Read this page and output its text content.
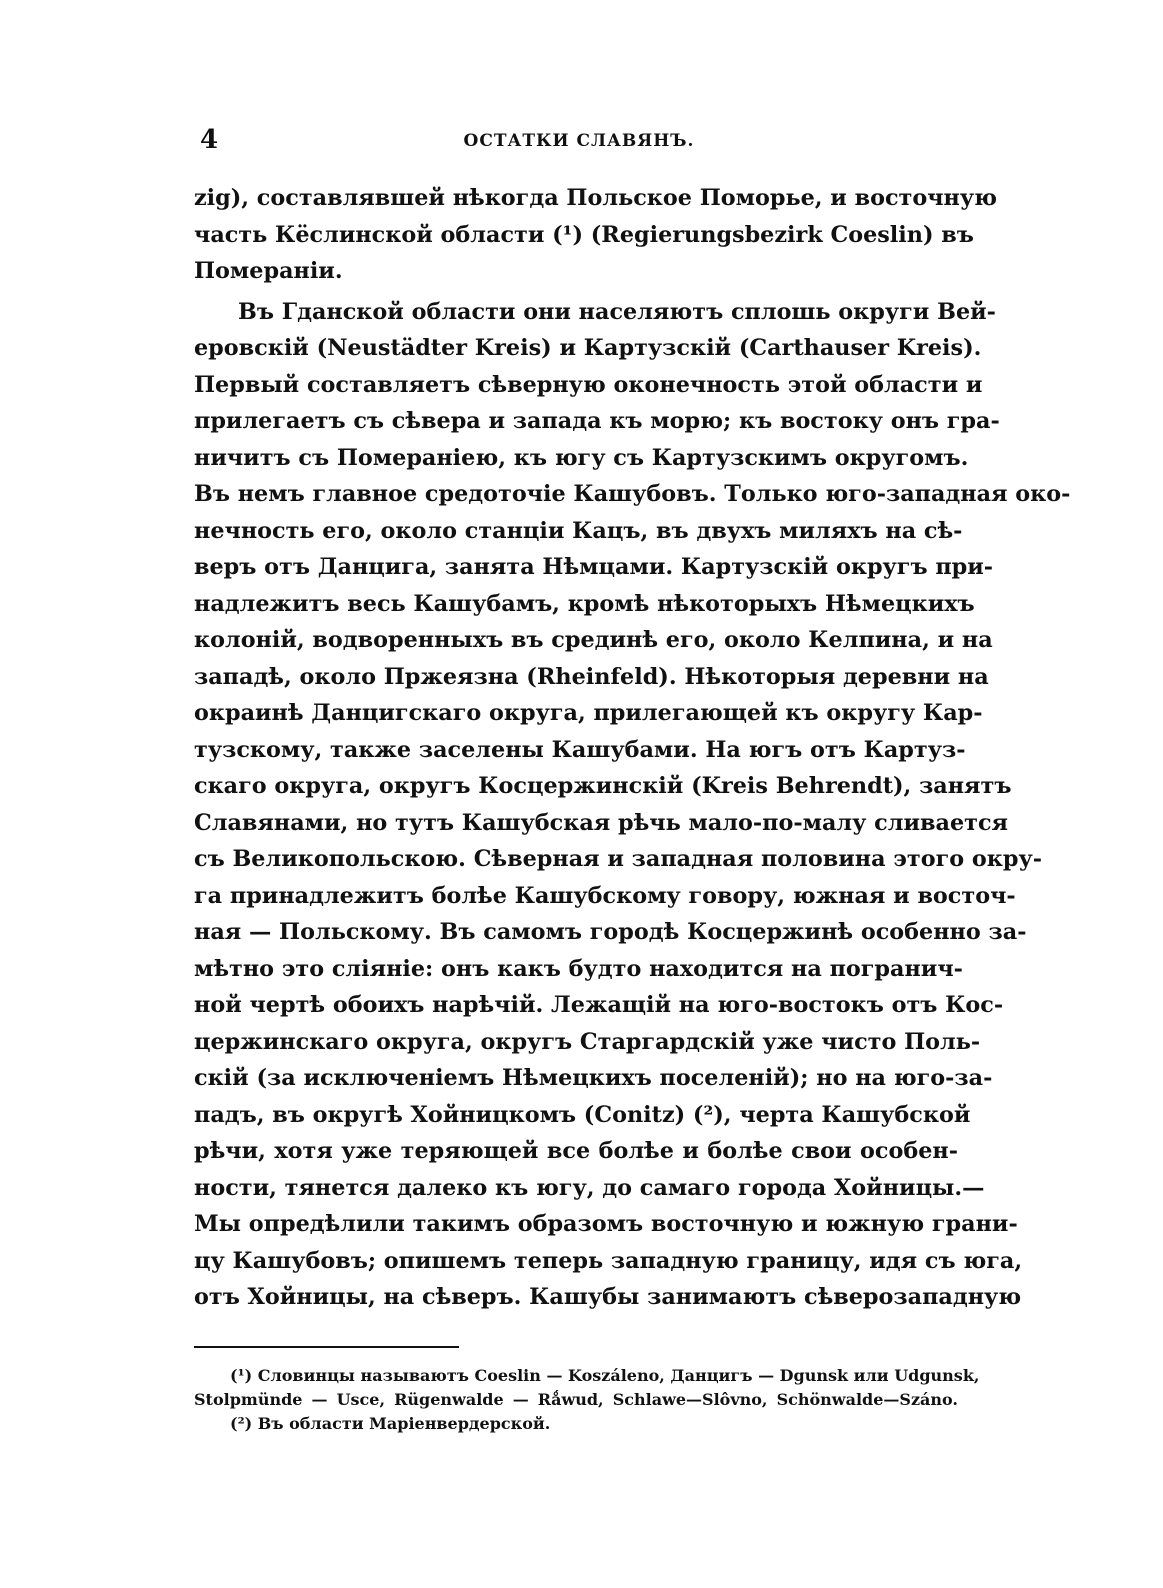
4	ОСТАТКИ СЛАВЯНЪ.
zig), составлявшей нѣкогда Польское Поморье, и восточную
часть Кёслинской области (¹) (Regierungsbezirk Coeslin) въ
Помераніи.
Въ Гданской области они населяютъ сплошь округи Вей-
еровскій (Neustädter Kreis) и Картузскій (Carthauser Kreis).
Первый составляетъ сѣверную оконечность этой области и
прилегаетъ съ сѣвера и запада къ морю; къ востоку онъ гра-
ничитъ съ Помераніею, къ югу съ Картузскимъ округомъ.
Въ немъ главное средоточіе Кашубовъ. Только юго-западная око-
нечность его, около станціи Кацъ, въ двухъ миляхъ на сѣ-
веръ отъ Данцига, занята Нѣмцами. Картузскій округъ при-
надлежитъ весь Кашубамъ, кромѣ нѣкоторыхъ Нѣмецкихъ
колоній, водворенныхъ въ срединѣ его, около Келпина, и на
западѣ, около Пржеязна (Rheinfeld). Нѣкоторыя деревни на
окраинѣ Данцигскаго округа, прилегающей къ округу Кар-
тузскому, также заселены Кашубами. На югъ отъ Картуз-
скаго округа, округъ Косцержинскій (Kreis Behrendt), занятъ
Славянами, но тутъ Кашубская рѣчь мало-по-малу сливается
съ Великопольскою. Сѣверная и западная половина этого окру-
га принадлежитъ болѣе Кашубскому говору, южная и восточ-
ная — Польскому. Въ самомъ городѣ Косцержинѣ особенно за-
мѣтно это сліяніе: онъ какъ будто находится на погранич-
ной чертѣ обоихъ нарѣчій. Лежащій на юго-востокъ отъ Кос-
цержинскаго округа, округъ Старгардскій уже чисто Поль-
скій (за исключеніемъ Нѣмецкихъ поселеній); но на юго-за-
падъ, въ округѣ Хойницкомъ (Conitz) (²), черта Кашубской
рѣчи, хотя уже теряющей все болѣе и болѣе свои особен-
ности, тянется далеко къ югу, до самаго города Хойницы.—
Мы опредѣлили такимъ образомъ восточную и южную грани-
цу Кашубовъ; опишемъ теперь западную границу, идя съ юга,
отъ Хойницы, на сѣверъ. Кашубы занимаютъ сѣверозападную
(¹) Словинцы называютъ Coeslin — Koszáleno, Данцигъ — Dgunsk или Udgunsk,
Stolpmünde — Usce, Rügenwalde — Rǻwud, Schlawe—Slôvno, Schönwalde—Száno.
(²) Въ области Маріенвердерской.
